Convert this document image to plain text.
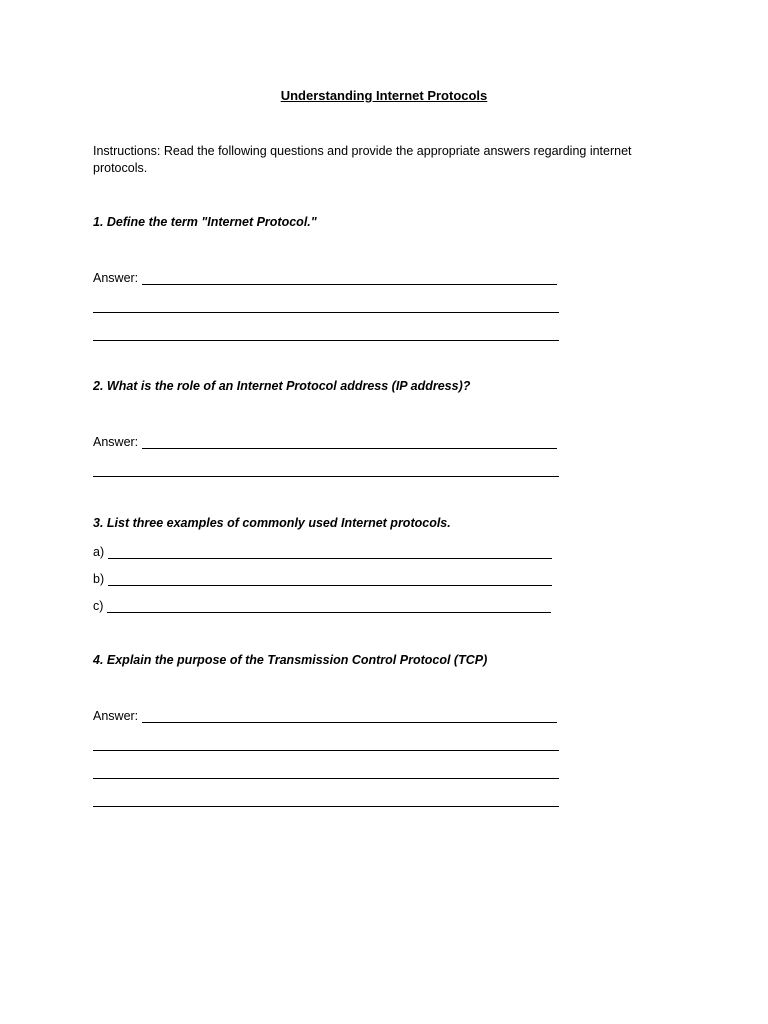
Understanding Internet Protocols
Instructions: Read the following questions and provide the appropriate answers regarding internet protocols.
1. Define the term "Internet Protocol."
Answer:
2. What is the role of an Internet Protocol address (IP address)?
Answer:
3. List three examples of commonly used Internet protocols.
a)
b)
c)
4. Explain the purpose of the Transmission Control Protocol (TCP)
Answer:
